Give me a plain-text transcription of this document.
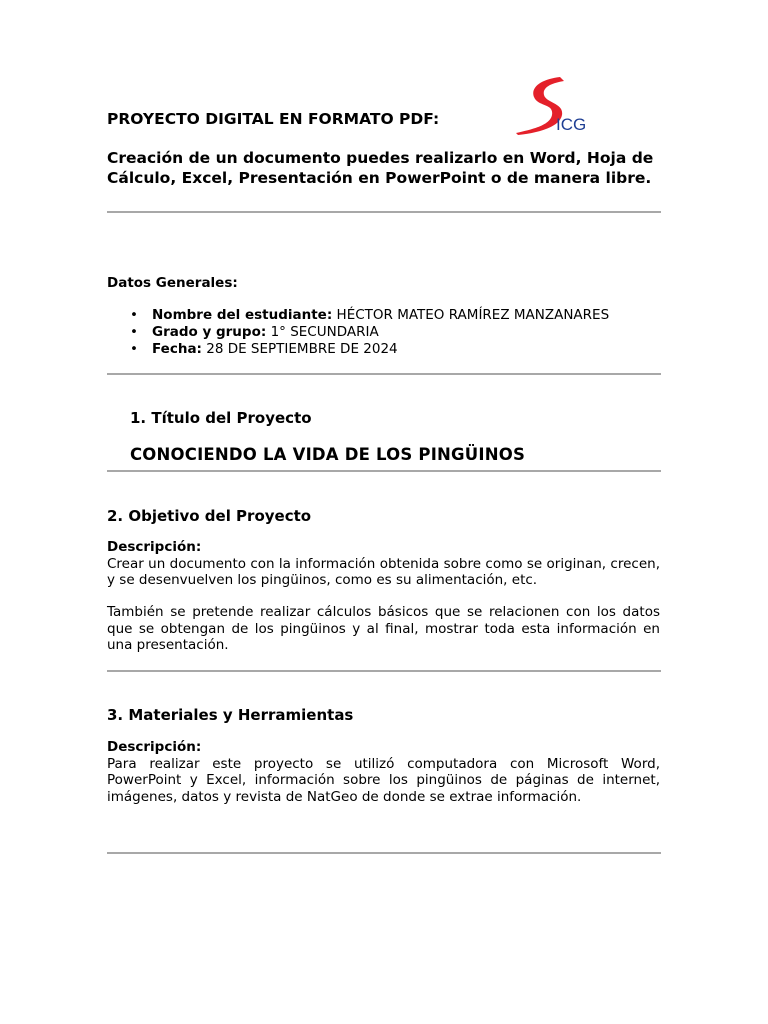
PROYECTO DIGITAL EN FORMATO PDF:	ICG
Creación de un documento puedes realizarlo en Word, Hoja de Cálculo, Excel, Presentación en PowerPoint o de manera libre.
Datos Generales:
• Nombre del estudiante: HÉCTOR MATEO RAMÍREZ MANZANARES
• Grado y grupo: 1° SECUNDARIA
• Fecha: 28 DE SEPTIEMBRE DE 2024
1. Título del Proyecto
CONOCIENDO LA VIDA DE LOS PINGÜINOS
2. Objetivo del Proyecto
Descripción:
Crear un documento con la información obtenida sobre como se originan, crecen, y se desenvuelven los pingüinos, como es su alimentación, etc.
También se pretende realizar cálculos básicos que se relacionen con los datos que se obtengan de los pingüinos y al final, mostrar toda esta información en una presentación.
3. Materiales y Herramientas
Descripción:
Para realizar este proyecto se utilizó computadora con Microsoft Word, PowerPoint y Excel, información sobre los pingüinos de páginas de internet, imágenes, datos y revista de NatGeo de donde se extrae información.
